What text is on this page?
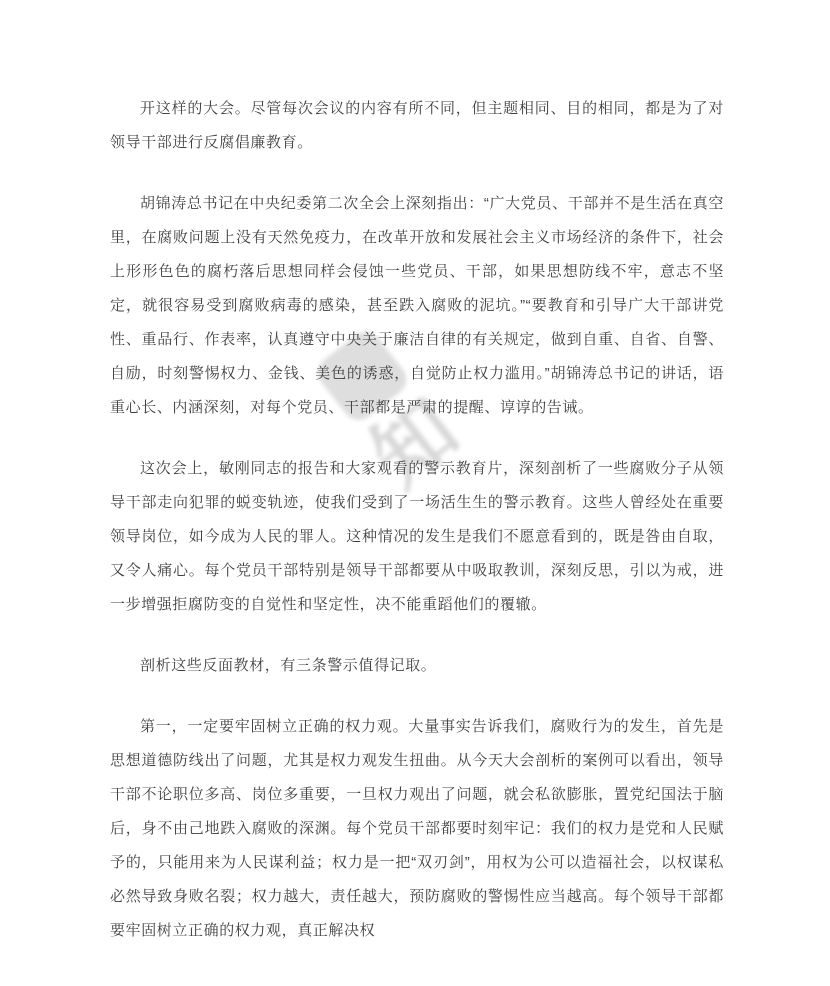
知

开这样的大会。尽管每次会议的内容有所不同，但主题相同、目的相同，都是为了对领导干部进行反腐倡廉教育。

胡锦涛总书记在中央纪委第二次全会上深刻指出：“广大党员、干部并不是生活在真空里，在腐败问题上没有天然免疫力，在改革开放和发展社会主义市场经济的条件下，社会上形形色色的腐朽落后思想同样会侵蚀一些党员、干部，如果思想防线不牢，意志不坚定，就很容易受到腐败病毒的感染，甚至跌入腐败的泥坑。”“要教育和引导广大干部讲党性、重品行、作表率，认真遵守中央关于廉洁自律的有关规定，做到自重、自省、自警、自励，时刻警惕权力、金钱、美色的诱惑，自觉防止权力滥用。”胡锦涛总书记的讲话，语重心长、内涵深刻，对每个党员、干部都是严肃的提醒、谆谆的告诫。

这次会上，敏刚同志的报告和大家观看的警示教育片，深刻剖析了一些腐败分子从领导干部走向犯罪的蜕变轨迹，使我们受到了一场活生生的警示教育。这些人曾经处在重要领导岗位，如今成为人民的罪人。这种情况的发生是我们不愿意看到的，既是咎由自取，又令人痛心。每个党员干部特别是领导干部都要从中吸取教训，深刻反思，引以为戒，进一步增强拒腐防变的自觉性和坚定性，决不能重蹈他们的覆辙。

剖析这些反面教材，有三条警示值得记取。

第一，一定要牢固树立正确的权力观。大量事实告诉我们，腐败行为的发生，首先是思想道德防线出了问题，尤其是权力观发生扭曲。从今天大会剖析的案例可以看出，领导干部不论职位多高、岗位多重要，一旦权力观出了问题，就会私欲膨胀，置党纪国法于脑后，身不由己地跌入腐败的深渊。每个党员干部都要时刻牢记：我们的权力是党和人民赋予的，只能用来为人民谋利益；权力是一把“双刃剑”，用权为公可以造福社会，以权谋私必然导致身败名裂；权力越大，责任越大，预防腐败的警惕性应当越高。每个领导干部都要牢固树立正确的权力观，真正解决权
